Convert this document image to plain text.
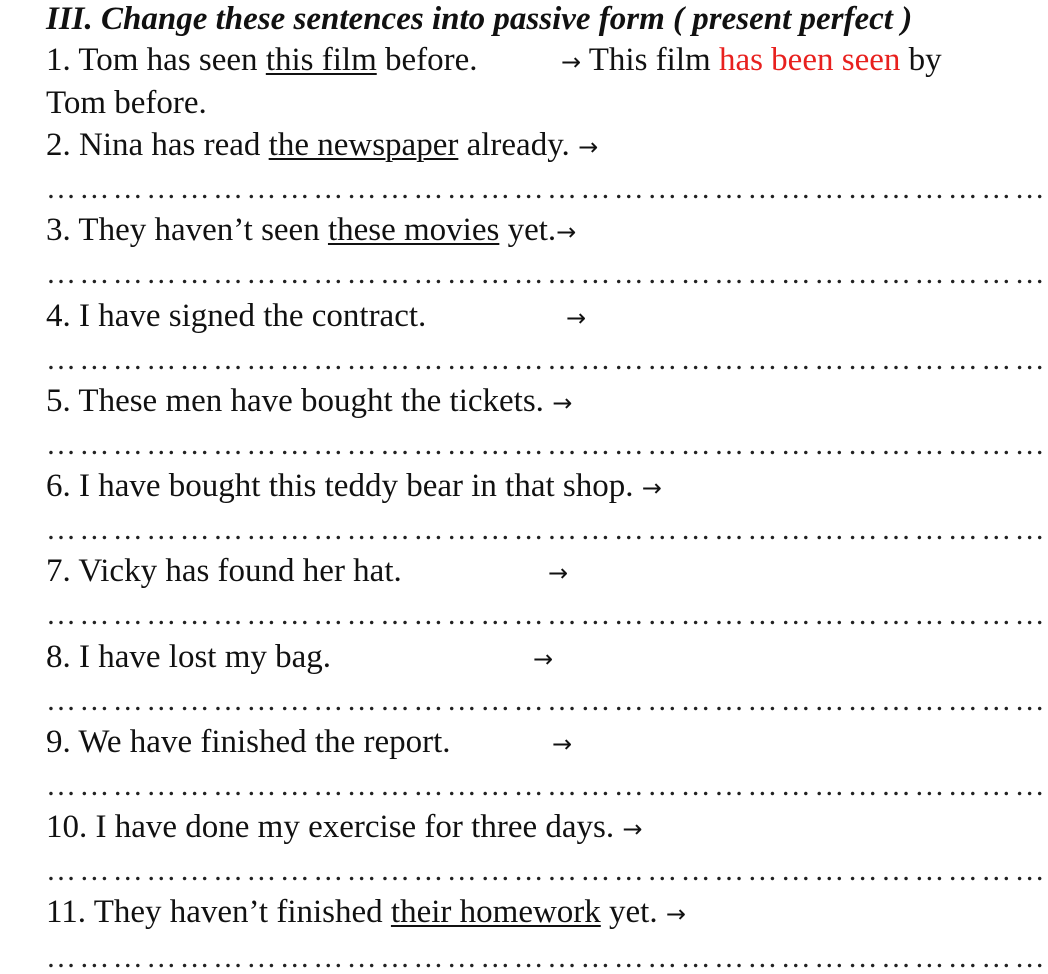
III. Change these sentences into passive form ( present perfect )
1. Tom has seen this film before.	→ This film has been seen by
Tom before.
2. Nina has read the newspaper already. →
………………………………………………………………………………
3. They haven’t seen these movies yet.→
………………………………………………………………………………
4. I have signed the contract.	→
………………………………………………………………………………
5. These men have bought the tickets. →
………………………………………………………………………………
6. I have bought this teddy bear in that shop. →
………………………………………………………………………………
7. Vicky has found her hat.	→
………………………………………………………………………………
8. I have lost my bag.	→
………………………………………………………………………………
9. We have finished the report.	→
………………………………………………………………………………
10. I have done my exercise for three days. →
………………………………………………………………………………
11. They haven’t finished their homework yet. →
………………………………………………………………………………
